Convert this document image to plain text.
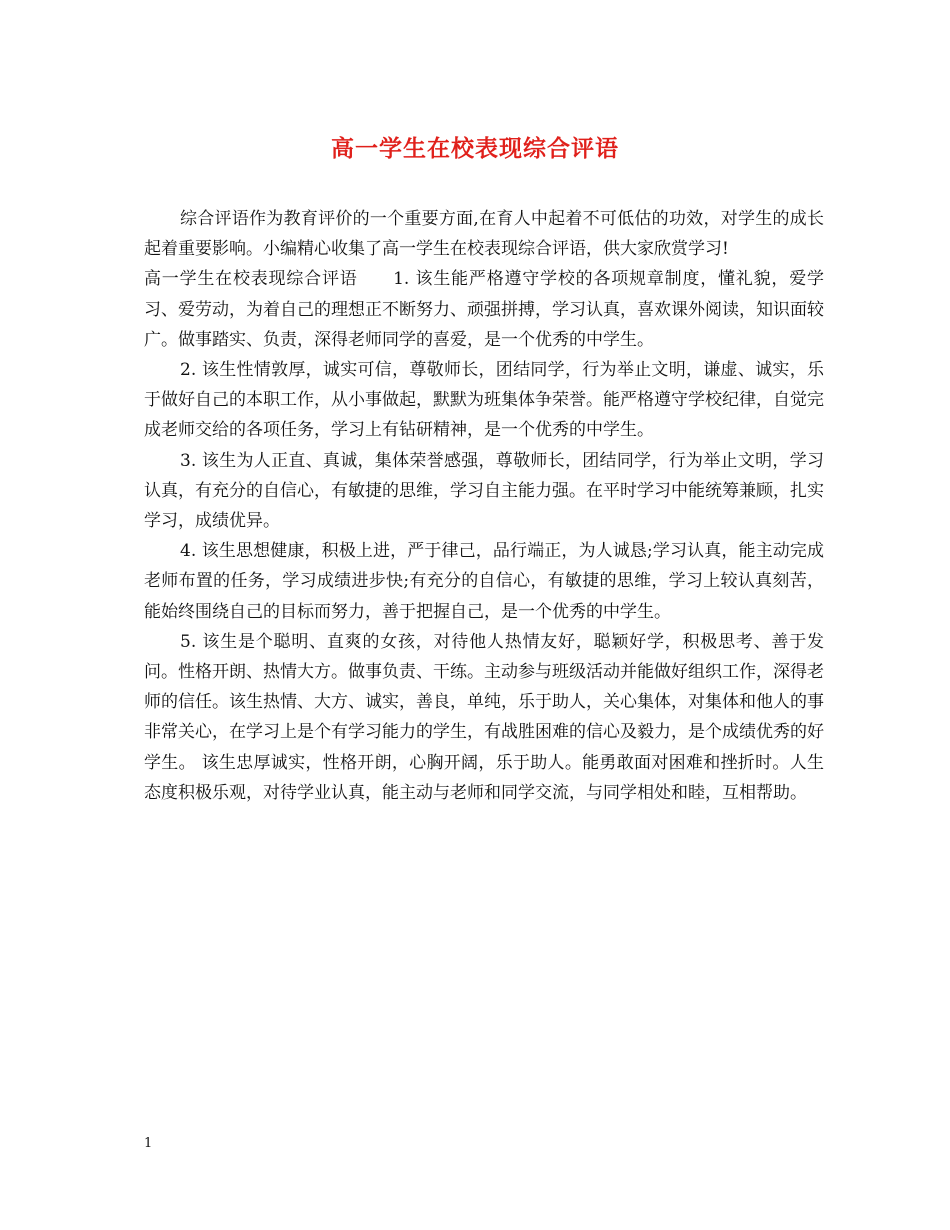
高一学生在校表现综合评语

综合评语作为教育评价的一个重要方面,在育人中起着不可低估的功效，对学生的成长起着重要影响。小编精心收集了高一学生在校表现综合评语，供大家欣赏学习!

高一学生在校表现综合评语　　1. 该生能严格遵守学校的各项规章制度，懂礼貌，爱学习、爱劳动，为着自己的理想正不断努力、顽强拼搏，学习认真，喜欢课外阅读，知识面较广。做事踏实、负责，深得老师同学的喜爱，是一个优秀的中学生。

2. 该生性情敦厚，诚实可信，尊敬师长，团结同学，行为举止文明，谦虚、诚实，乐于做好自己的本职工作，从小事做起，默默为班集体争荣誉。能严格遵守学校纪律，自觉完成老师交给的各项任务，学习上有钻研精神，是一个优秀的中学生。

3. 该生为人正直、真诚，集体荣誉感强，尊敬师长，团结同学，行为举止文明，学习认真，有充分的自信心，有敏捷的思维，学习自主能力强。在平时学习中能统筹兼顾，扎实学习，成绩优异。

4. 该生思想健康，积极上进，严于律己，品行端正，为人诚恳;学习认真，能主动完成老师布置的任务，学习成绩进步快;有充分的自信心，有敏捷的思维，学习上较认真刻苦，能始终围绕自己的目标而努力，善于把握自己，是一个优秀的中学生。

5. 该生是个聪明、直爽的女孩，对待他人热情友好，聪颖好学，积极思考、善于发问。性格开朗、热情大方。做事负责、干练。主动参与班级活动并能做好组织工作，深得老师的信任。该生热情、大方、诚实，善良，单纯，乐于助人，关心集体，对集体和他人的事非常关心，在学习上是个有学习能力的学生，有战胜困难的信心及毅力，是个成绩优秀的好学生。 该生忠厚诚实，性格开朗，心胸开阔，乐于助人。能勇敢面对困难和挫折时。人生态度积极乐观，对待学业认真，能主动与老师和同学交流，与同学相处和睦，互相帮助。

1
